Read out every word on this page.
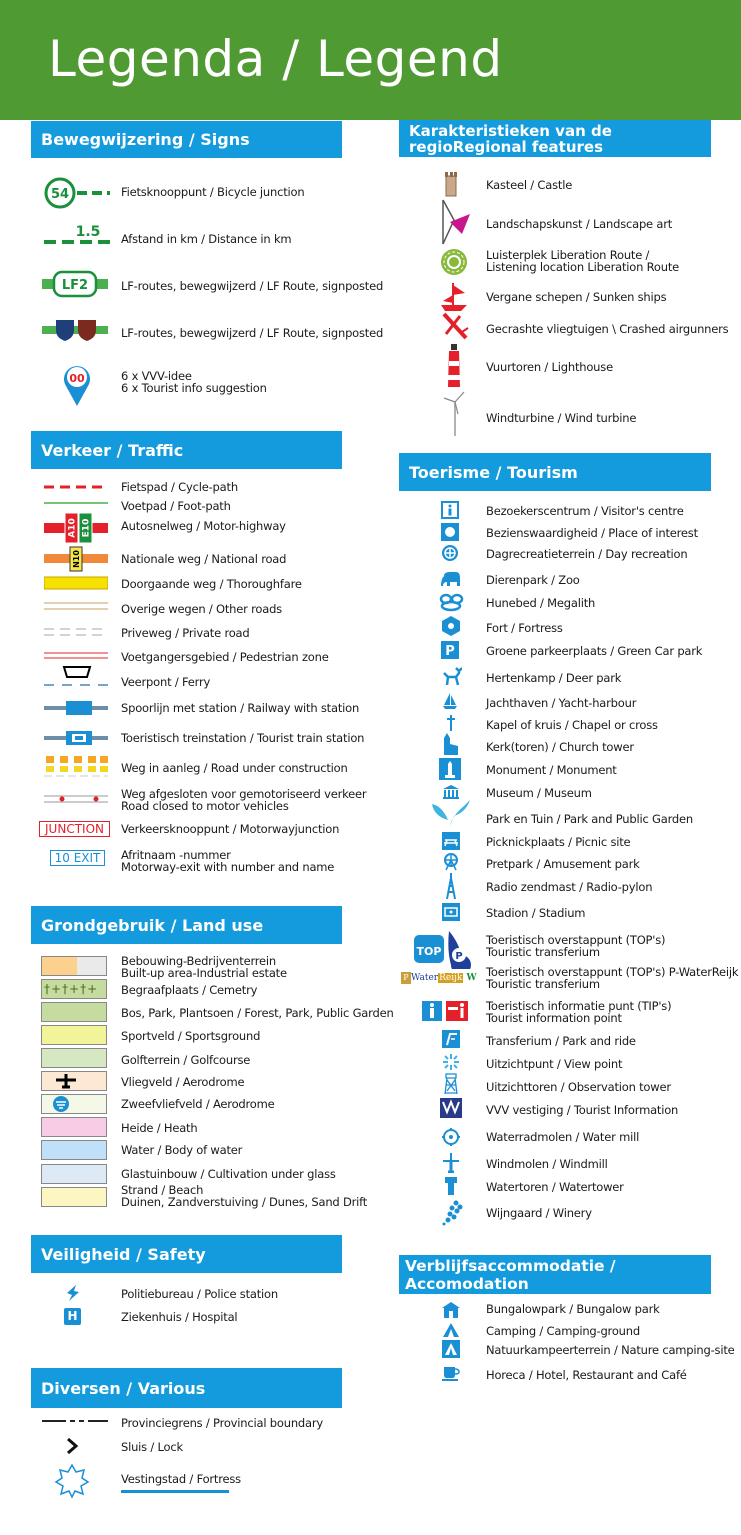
Legenda / Legend
Bewegwijzering / Signs
54	Fietsknooppunt / Bicycle junction
1.5 Afstand in km / Distance in km
LF2	LF-routes, bewegwijzerd / LF Route, signposted
LF-routes, bewegwijzerd / LF Route, signposted
00	6 x VVV-idee
6 x Tourist info suggestion
Verkeer / Traffic
Fietspad / Cycle-path
Voetpad / Foot-path
A10 E10	Autosnelweg / Motor-highway
N10	Nationale weg / National road
Doorgaande weg / Thoroughfare
Overige wegen / Other roads
Priveweg / Private road
Voetgangersgebied / Pedestrian zone
Veerpont / Ferry
Spoorlijn met station / Railway with station
Toeristisch treinstation / Tourist train station
Weg in aanleg / Road under construction
Weg afgesloten voor gemotoriseerd verkeer
Road closed to motor vehicles
JUNCTION	Verkeersknooppunt / Motorwayjunction
10 EXIT	Afritnaam -nummer
Motorway-exit with number and name
Grondgebruik / Land use
Bebouwing-Bedrijventerrein
Built-up area-Industrial estate
†+†+†+	Begraafplaats / Cemetry
Bos, Park, Plantsoen / Forest, Park, Public Garden
Sportveld / Sportsground
Golfterrein / Golfcourse
Vliegveld / Aerodrome
Zweefvliefveld / Aerodrome
Heide / Heath
Water / Body of water
Glastuinbouw / Cultivation under glass
Strand / Beach
Duinen, Zandverstuiving / Dunes, Sand Drift
Veiligheid / Safety
Politiebureau / Police station
H	Ziekenhuis / Hospital
Diversen / Various
Provinciegrens / Provincial boundary
Sluis / Lock
Vestingstad / Fortress
Karakteristieken van de regioRegional features
Kasteel / Castle
Landschapskunst / Landscape art
Luisterplek Liberation Route /
Listening location Liberation Route
Vergane schepen / Sunken ships
Gecrashte vliegtuigen \ Crashed airgunners
Vuurtoren / Lighthouse
Windturbine / Wind turbine
Toerisme / Tourism
Bezoekerscentrum / Visitor's centre
Bezienswaardigheid / Place of interest
Dagrecreatieterrein / Day recreation
Dierenpark / Zoo
Hunebed / Megalith
Fort / Fortress
P	Groene parkeerplaats / Green Car park
Hertenkamp / Deer park
Jachthaven / Yacht-harbour
Kapel of kruis / Chapel or cross
Kerk(toren) / Church tower
Monument / Monument
Museum / Museum
Park en Tuin / Park and Public Garden
Picknickplaats / Picnic site
Pretpark / Amusement park
Radio zendmast / Radio-pylon
Stadion / Stadium
TOP P
Toeristisch overstappunt (TOP's)
Touristic transferium
P WaterReijk W Toeristisch overstappunt (TOP's) P-WaterReijk
Touristic transferium
Toeristisch informatie punt (TIP's)
Tourist information point
Transferium / Park and ride
Uitzichtpunt / View point
Uitzichttoren / Observation tower
VVV vestiging / Tourist Information
Waterradmolen / Water mill
Windmolen / Windmill
Watertoren / Watertower
Wijngaard / Winery
Verblijfsaccommodatie / Accomodation
Bungalowpark / Bungalow park
Camping / Camping-ground
Natuurkampeerterrein / Nature camping-site
Horeca / Hotel, Restaurant and Café
